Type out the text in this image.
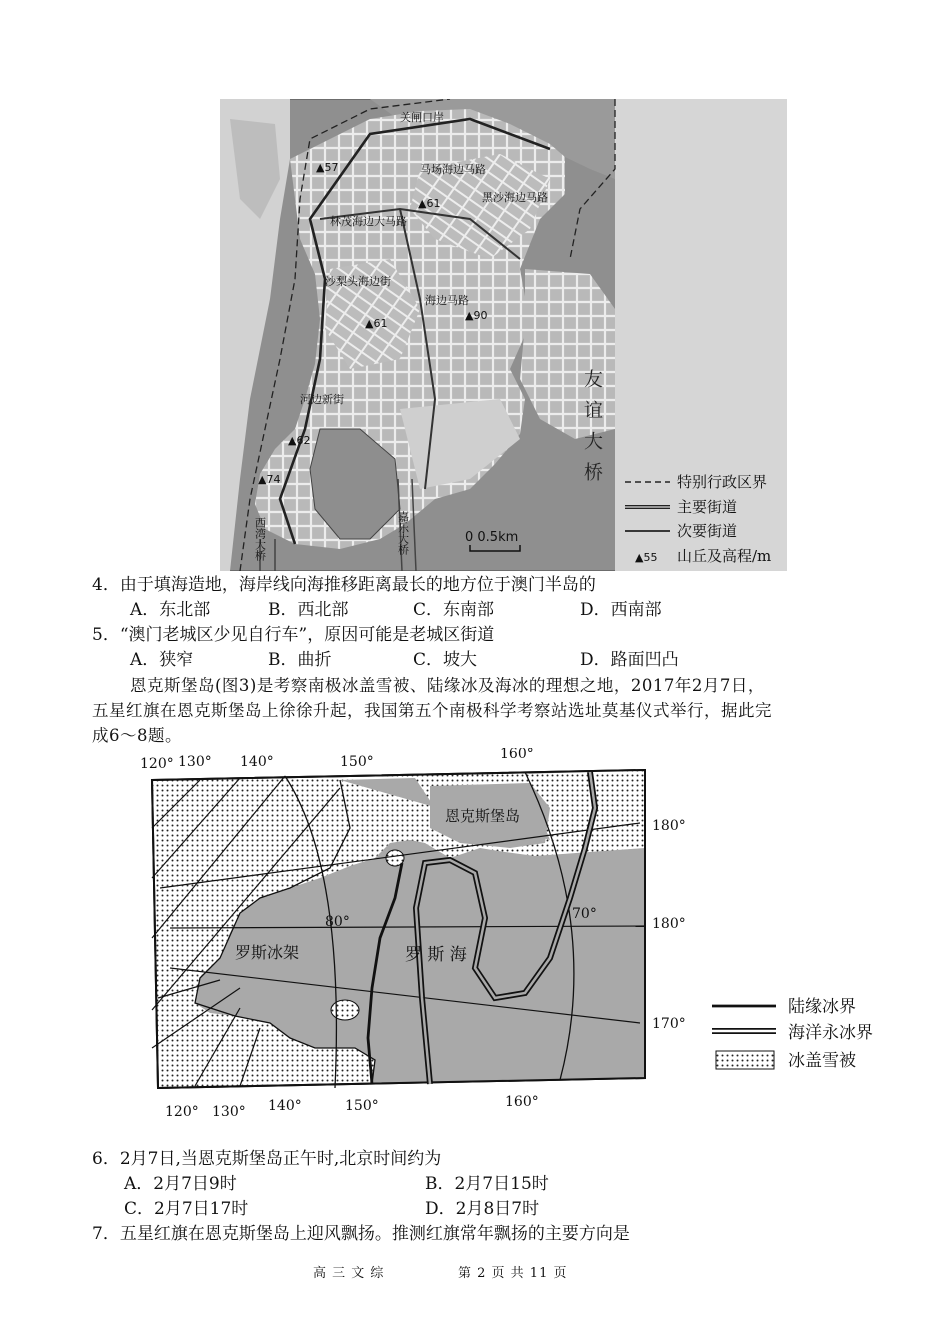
关闸口岸
马场海边马路
黑沙海边马路
林茂海边大马路
沙梨头海边街
海边马路
河边新街
▲57
▲61
▲61
▲90
▲62
▲74
西湾大桥	嘉乐大桥
友谊大桥
0 0.5km
特别行政区界
主要街道
次要街道
▲55 山丘及高程/m
4．由于填海造地，海岸线向海推移距离最长的地方位于澳门半岛的
A．东北部	B．西北部	C．东南部	D．西南部
5．“澳门老城区少见自行车”，原因可能是老城区街道
A．狭窄	B．曲折	C．坡大	D．路面凹凸
恩克斯堡岛(图3)是考察南极冰盖雪被、陆缘冰及海冰的理想之地，2017年2月7日，
五星红旗在恩克斯堡岛上徐徐升起，我国第五个南极科学考察站选址莫基仪式举行，据此完
成6～8题。
120° 130° 140°	150°	160°
120° 130° 140°	150°	160°
180°
180°
170°
80°	70°
恩克斯堡岛
罗斯冰架	罗 斯 海
陆缘冰界
海洋永冰界
冰盖雪被
6．2月7日,当恩克斯堡岛正午时,北京时间约为
A．2月7日9时	B．2月7日15时
C．2月7日17时	D．2月8日7时
7．五星红旗在恩克斯堡岛上迎风飘扬。推测红旗常年飘扬的主要方向是
高 三 文 综	第 2 页 共 11 页
